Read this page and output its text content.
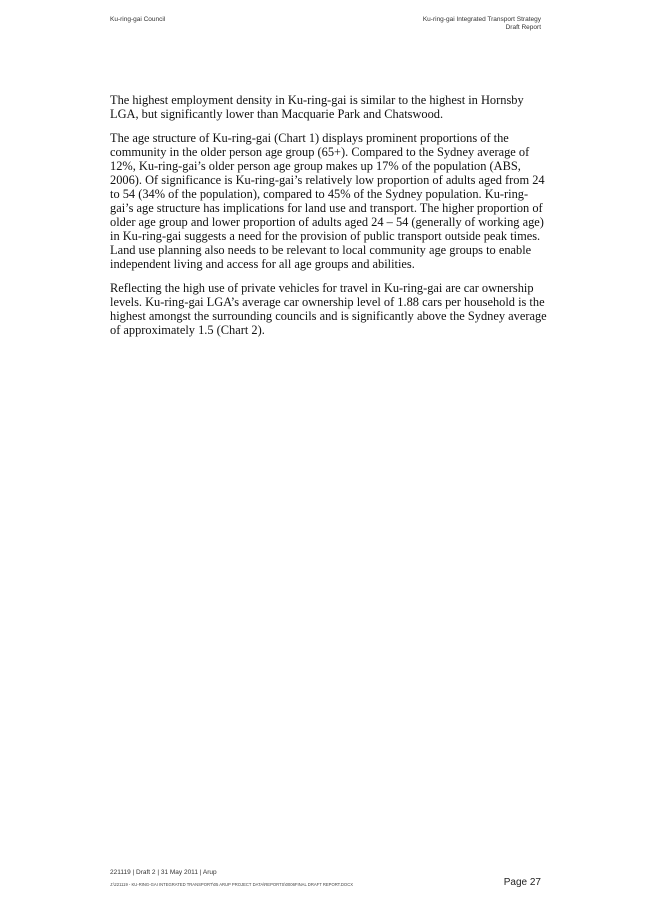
Ku-ring-gai Council	Ku-ring-gai Integrated Transport Strategy
Draft Report

The highest employment density in Ku-ring-gai is similar to the highest in Hornsby LGA, but significantly lower than Macquarie Park and Chatswood.

The age structure of Ku-ring-gai (Chart 1) displays prominent proportions of the community in the older person age group (65+). Compared to the Sydney average of 12%, Ku-ring-gai’s older person age group makes up 17% of the population (ABS, 2006). Of significance is Ku-ring-gai’s relatively low proportion of adults aged from 24 to 54 (34% of the population), compared to 45% of the Sydney population. Ku-ring-gai’s age structure has implications for land use and transport. The higher proportion of older age group and lower proportion of adults aged 24 – 54 (generally of working age) in Ku-ring-gai suggests a need for the provision of public transport outside peak times. Land use planning also needs to be relevant to local community age groups to enable independent living and access for all age groups and abilities.

Reflecting the high use of private vehicles for travel in Ku-ring-gai are car ownership levels. Ku-ring-gai LGA’s average car ownership level of 1.88 cars per household is the highest amongst the surrounding councils and is significantly above the Sydney average of approximately 1.5 (Chart 2).

221119 | Draft 2 | 31 May 2011 | Arup
J:\221119 - KU-RING-GAI INTEGRATED TRANSPORT\05 ARUP PROJECT DATA\REPORTS\0006FINAL DRAFT REPORT.DOCX	Page 27
